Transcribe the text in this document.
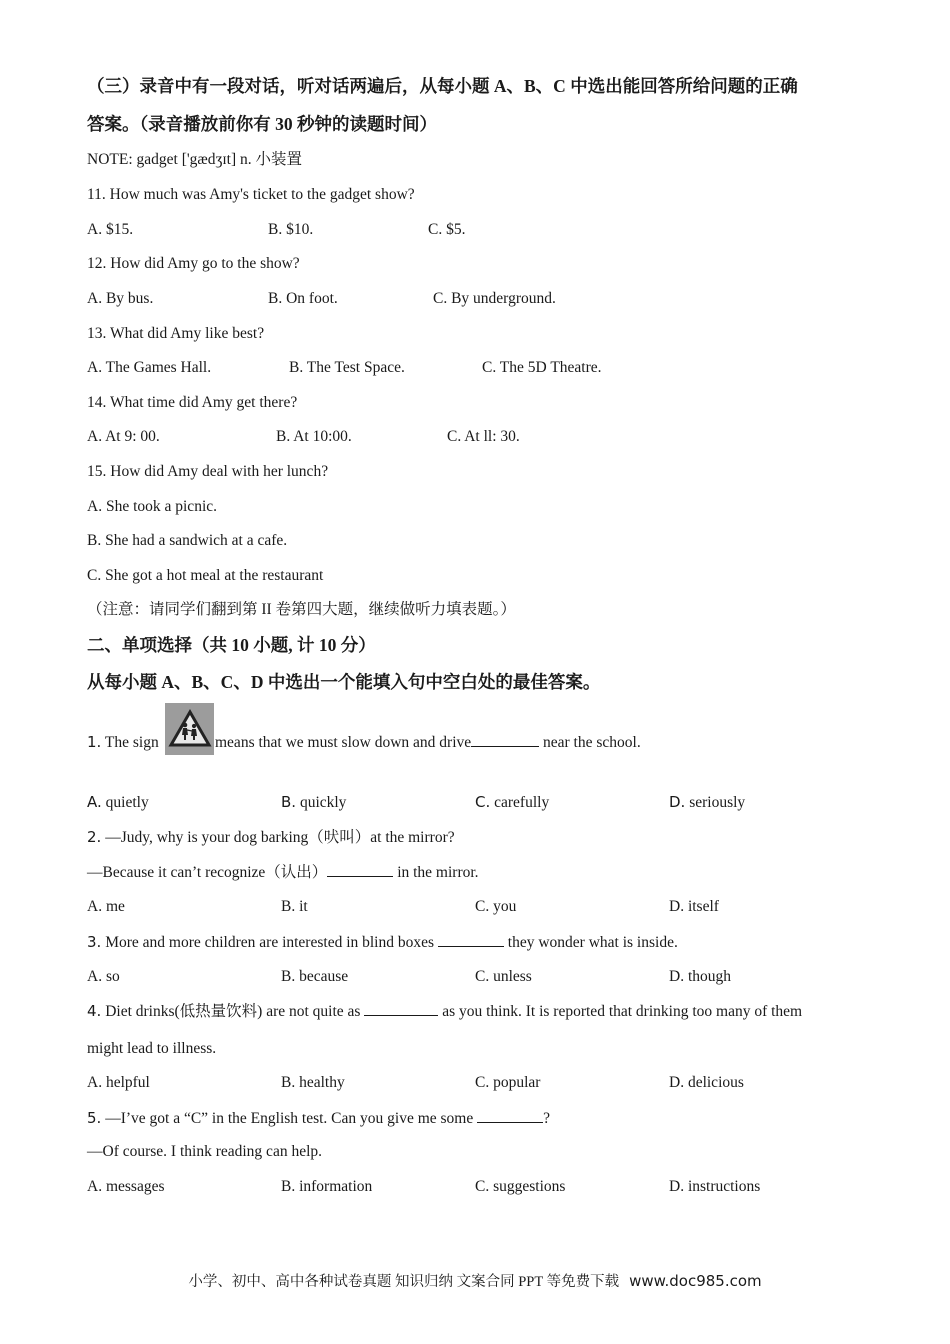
（三）录音中有一段对话，听对话两遍后，从每小题 A、B、C 中选出能回答所给问题的正确
答案。（录音播放前你有 30 秒钟的读题时间）
NOTE: gadget ['gædʒɪt] n. 小装置
11. How much was Amy's ticket to the gadget show?
A. $15.	B. $10.	C. $5.
12. How did Amy go to the show?
A. By bus.	B. On foot.	C. By underground.
13. What did Amy like best?
A. The Games Hall.	B. The Test Space.	C. The 5D Theatre.
14. What time did Amy get there?
A. At 9: 00.	B. At 10:00.	C. At ll: 30.
15. How did Amy deal with her lunch?
A. She took a picnic.
B. She had a sandwich at a cafe.
C. She got a hot meal at the restaurant
（注意：请同学们翻到第 II 卷第四大题，继续做听力填表题。）
二、单项选择（共 10 小题, 计 10 分）
从每小题 A、B、C、D 中选出一个能填入句中空白处的最佳答案。
1. The sign	means that we must slow down and drive	near the school.
A. quietly	B. quickly	C. carefully	D. seriously
2. —Judy, why is your dog barking（吠叫）at the mirror?
—Because it can’t recognize（认出）	in the mirror.
A. me	B. it	C. you	D. itself
3. More and more children are interested in blind boxes	they wonder what is inside.
A. so	B. because	C. unless	D. though
4. Diet drinks(低热量饮料) are not quite as	as you think. It is reported that drinking too many of them
might lead to illness.
A. helpful	B. healthy	C. popular	D. delicious
5. —I’ve got a “C” in the English test. Can you give me some	?
—Of course. I think reading can help.
A. messages	B. information	C. suggestions	D. instructions
小学、初中、高中各种试卷真题 知识归纳 文案合同 PPT 等免费下载 www.doc985.com
